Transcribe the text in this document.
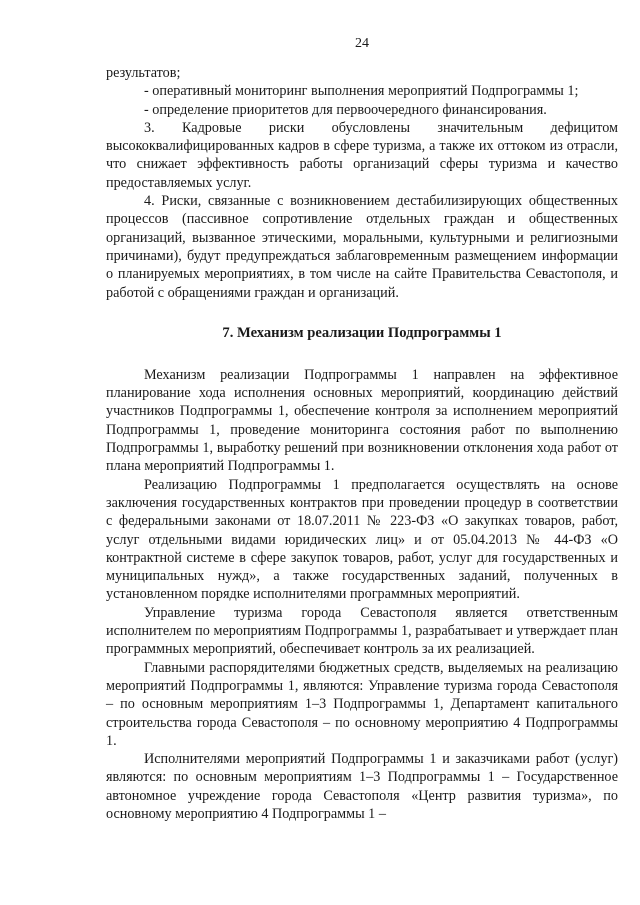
24

результатов;

- оперативный мониторинг выполнения мероприятий Подпрограммы 1;

- определение приоритетов для первоочередного финансирования.

3. Кадровые риски обусловлены значительным дефицитом высококвалифицированных кадров в сфере туризма, а также их оттоком из отрасли, что снижает эффективность работы организаций сферы туризма и качество предоставляемых услуг.

4. Риски, связанные с возникновением дестабилизирующих общественных процессов (пассивное сопротивление отдельных граждан и общественных организаций, вызванное этическими, моральными, культурными и религиозными причинами), будут предупреждаться заблаговременным размещением информации о планируемых мероприятиях, в том числе на сайте Правительства Севастополя, и работой с обращениями граждан и организаций.

7. Механизм реализации Подпрограммы 1

Механизм реализации Подпрограммы 1 направлен на эффективное планирование хода исполнения основных мероприятий, координацию действий участников Подпрограммы 1, обеспечение контроля за исполнением мероприятий Подпрограммы 1, проведение мониторинга состояния работ по выполнению Подпрограммы 1, выработку решений при возникновении отклонения хода работ от плана мероприятий Подпрограммы 1.

Реализацию Подпрограммы 1 предполагается осуществлять на основе заключения государственных контрактов при проведении процедур в соответствии с федеральными законами от 18.07.2011 № 223-ФЗ «О закупках товаров, работ, услуг отдельными видами юридических лиц» и от 05.04.2013 № 44-ФЗ «О контрактной системе в сфере закупок товаров, работ, услуг для государственных и муниципальных нужд», а также государственных заданий, полученных в установленном порядке исполнителями программных мероприятий.

Управление туризма города Севастополя является ответственным исполнителем по мероприятиям Подпрограммы 1, разрабатывает и утверждает план программных мероприятий, обеспечивает контроль за их реализацией.

Главными распорядителями бюджетных средств, выделяемых на реализацию мероприятий Подпрограммы 1, являются: Управление туризма города Севастополя – по основным мероприятиям 1–3 Подпрограммы 1, Департамент капитального строительства города Севастополя – по основному мероприятию 4 Подпрограммы 1.

Исполнителями мероприятий Подпрограммы 1 и заказчиками работ (услуг) являются: по основным мероприятиям 1–3 Подпрограммы 1 – Государственное автономное учреждение города Севастополя «Центр развития туризма», по основному мероприятию 4 Подпрограммы 1 –
